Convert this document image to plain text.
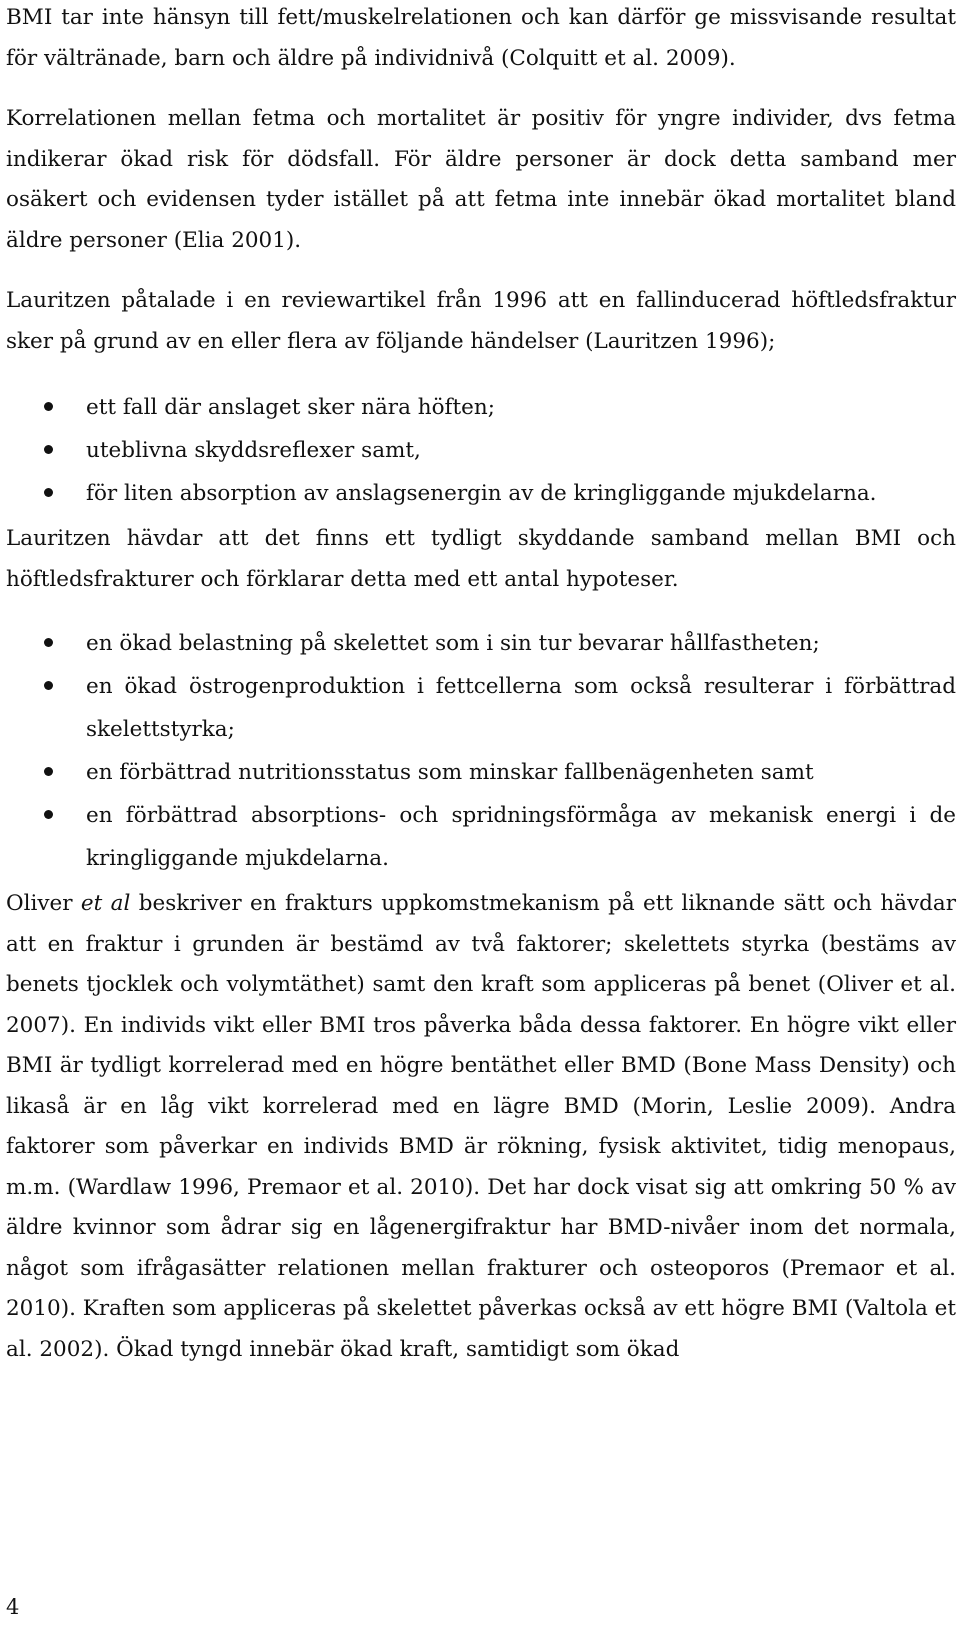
BMI tar inte hänsyn till fett/muskelrelationen och kan därför ge missvisande resultat för vältränade, barn och äldre på individnivå (Colquitt et al. 2009).

Korrelationen mellan fetma och mortalitet är positiv för yngre individer, dvs fetma indikerar ökad risk för dödsfall. För äldre personer är dock detta samband mer osäkert och evidensen tyder istället på att fetma inte innebär ökad mortalitet bland äldre personer (Elia 2001).

Lauritzen påtalade i en reviewartikel från 1996 att en fallinducerad höftledsfraktur sker på grund av en eller flera av följande händelser (Lauritzen 1996);

ett fall där anslaget sker nära höften;
uteblivna skyddsreflexer samt,
för liten absorption av anslagsenergin av de kringliggande mjukdelarna.

Lauritzen hävdar att det finns ett tydligt skyddande samband mellan BMI och höftledsfrakturer och förklarar detta med ett antal hypoteser.

en ökad belastning på skelettet som i sin tur bevarar hållfastheten;
en ökad östrogenproduktion i fettcellerna som också resulterar i förbättrad skelettstyrka;
en förbättrad nutritionsstatus som minskar fallbenägenheten samt
en förbättrad absorptions- och spridningsförmåga av mekanisk energi i de kringliggande mjukdelarna.

Oliver et al beskriver en frakturs uppkomstmekanism på ett liknande sätt och hävdar att en fraktur i grunden är bestämd av två faktorer; skelettets styrka (bestäms av benets tjocklek och volymtäthet) samt den kraft som appliceras på benet (Oliver et al. 2007). En individs vikt eller BMI tros påverka båda dessa faktorer. En högre vikt eller BMI är tydligt korrelerad med en högre bentäthet eller BMD (Bone Mass Density) och likaså är en låg vikt korrelerad med en lägre BMD (Morin, Leslie 2009). Andra faktorer som påverkar en individs BMD är rökning, fysisk aktivitet, tidig menopaus, m.m. (Wardlaw 1996, Premaor et al. 2010). Det har dock visat sig att omkring 50 % av äldre kvinnor som ådrar sig en lågenergifraktur har BMD-nivåer inom det normala, något som ifrågasätter relationen mellan frakturer och osteoporos (Premaor et al. 2010). Kraften som appliceras på skelettet påverkas också av ett högre BMI (Valtola et al. 2002). Ökad tyngd innebär ökad kraft, samtidigt som ökad

4
